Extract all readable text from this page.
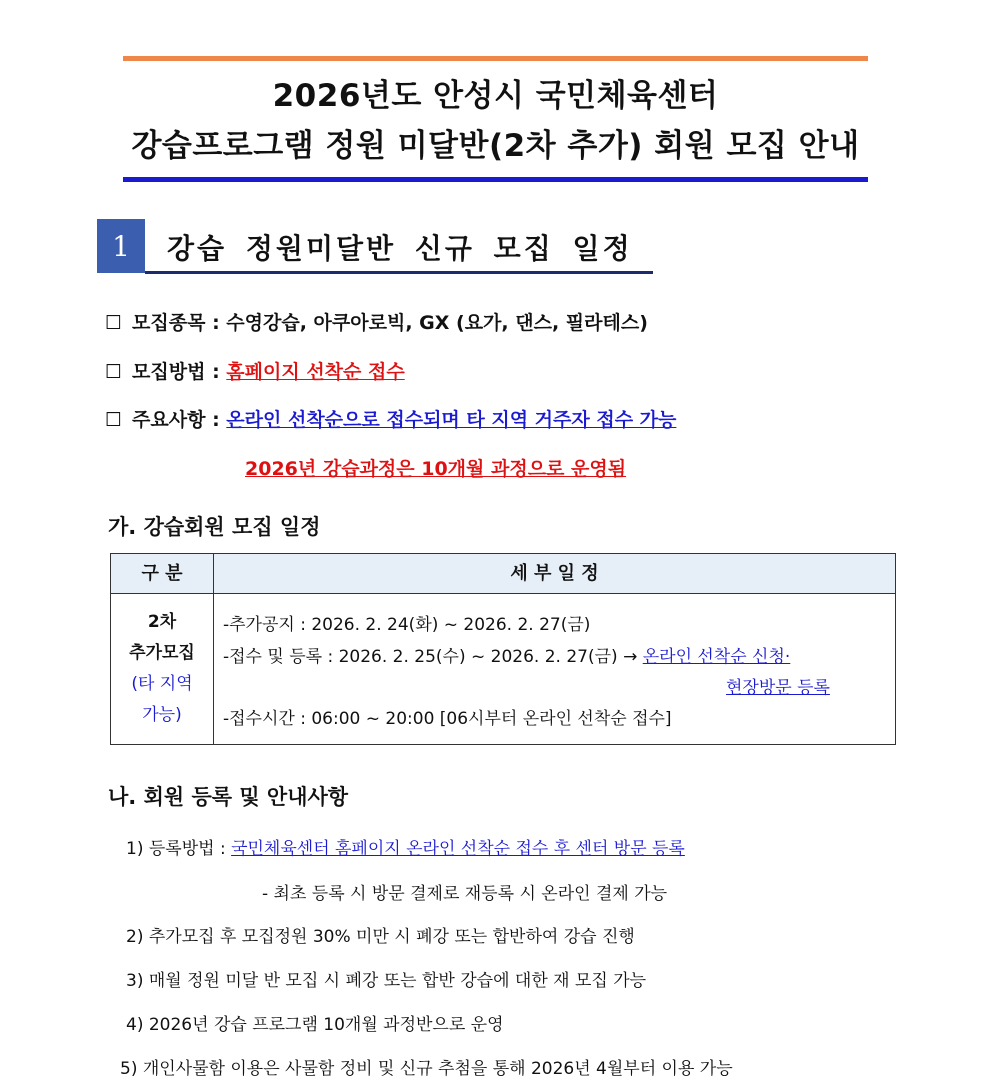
2026년도 안성시 국민체육센터
강습프로그램 정원 미달반(2차 추가) 회원 모집 안내
1	강습 정원미달반 신규 모집 일정
☐ 모집종목 : 수영강습, 아쿠아로빅, GX (요가, 댄스, 필라테스)
☐ 모집방법 : 홈페이지 선착순 접수
☐ 주요사항 : 온라인 선착순으로 접수되며 타 지역 거주자 접수 가능
2026년 강습과정은 10개월 과정으로 운영됨
가. 강습회원 모집 일정
구 분	세 부 일 정
2차
추가모집
(타 지역
가능)
-추가공지 : 2026. 2. 24(화) ~ 2026. 2. 27(금)
-접수 및 등록 : 2026. 2. 25(수) ~ 2026. 2. 27(금) → 온라인 선착순 신청·
현장방문 등록
-접수시간 : 06:00 ~ 20:00 [06시부터 온라인 선착순 접수]
나. 회원 등록 및 안내사항
1) 등록방법 : 국민체육센터 홈페이지 온라인 선착순 접수 후 센터 방문 등록
- 최초 등록 시 방문 결제로 재등록 시 온라인 결제 가능
2) 추가모집 후 모집정원 30% 미만 시 폐강 또는 합반하여 강습 진행
3) 매월 정원 미달 반 모집 시 폐강 또는 합반 강습에 대한 재 모집 가능
4) 2026년 강습 프로그램 10개월 과정반으로 운영
5) 개인사물함 이용은 사물함 정비 및 신규 추첨을 통해 2026년 4월부터 이용 가능
